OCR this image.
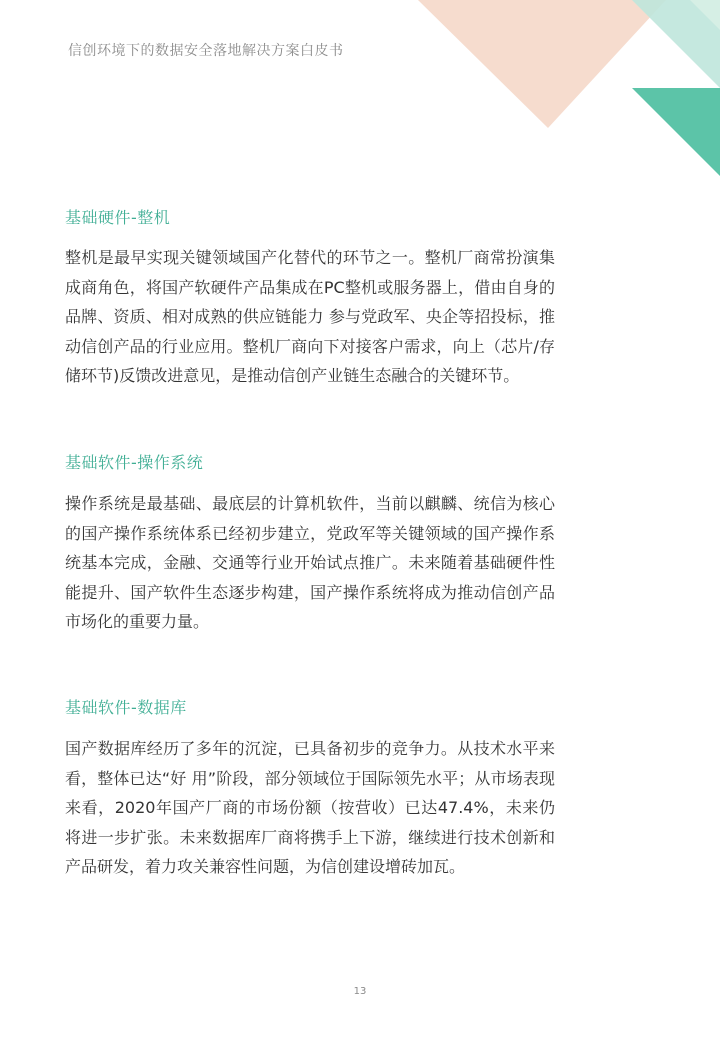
信创环境下的数据安全落地解决方案白皮书
基础硬件-整机

整机是最早实现关键领域国产化替代的环节之一。整机厂商常扮演集成商角色，将国产软硬件产品集成在PC整机或服务器上，借由自身的品牌、资质、相对成熟的供应链能力 参与党政军、央企等招投标，推动信创产品的行业应用。整机厂商向下对接客户需求，向上（芯片/存储环节)反馈改进意见，是推动信创产业链生态融合的关键环节。

基础软件-操作系统

操作系统是最基础、最底层的计算机软件，当前以麒麟、统信为核心的国产操作系统体系已经初步建立，党政军等关键领域的国产操作系统基本完成，金融、交通等行业开始试点推广。未来随着基础硬件性能提升、国产软件生态逐步构建，国产操作系统将成为推动信创产品市场化的重要力量。

基础软件-数据库

国产数据库经历了多年的沉淀，已具备初步的竞争力。从技术水平来看，整体已达“好 用”阶段，部分领域位于国际领先水平；从市场表现来看，2020年国产厂商的市场份额（按营收）已达47.4%，未来仍将进一步扩张。未来数据库厂商将携手上下游，继续进行技术创新和产品研发，着力攻关兼容性问题，为信创建设增砖加瓦。

13
